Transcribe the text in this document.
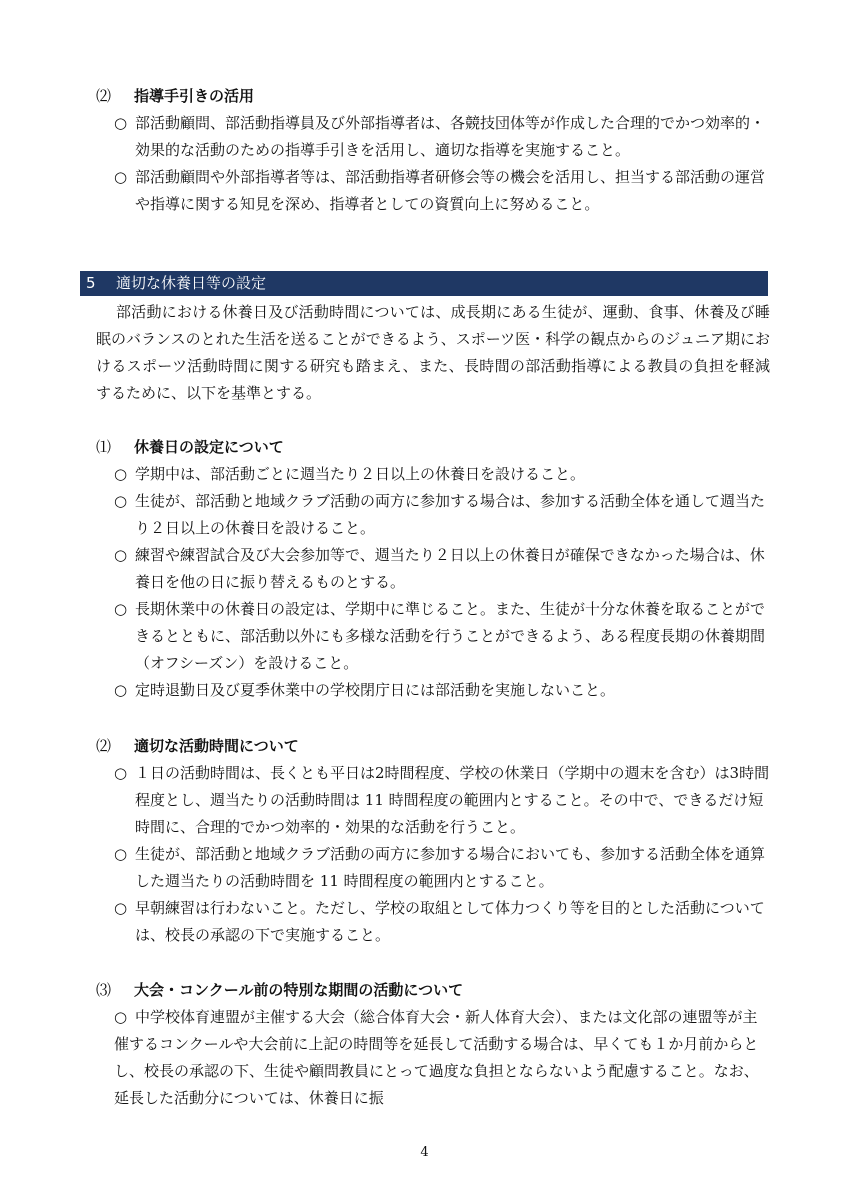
⑵ 指導手引きの活用
○ 部活動顧問、部活動指導員及び外部指導者は、各競技団体等が作成した合理的でかつ効率的・効果的な活動のための指導手引きを活用し、適切な指導を実施すること。
○ 部活動顧問や外部指導者等は、部活動指導者研修会等の機会を活用し、担当する部活動の運営や指導に関する知見を深め、指導者としての資質向上に努めること。
5 適切な休養日等の設定

部活動における休養日及び活動時間については、成長期にある生徒が、運動、食事、休養及び睡眠のバランスのとれた生活を送ることができるよう、スポーツ医・科学の観点からのジュニア期におけるスポーツ活動時間に関する研究も踏まえ、また、長時間の部活動指導による教員の負担を軽減するために、以下を基準とする。

⑴ 休養日の設定について
○ 学期中は、部活動ごとに週当たり２日以上の休養日を設けること。
○ 生徒が、部活動と地域クラブ活動の両方に参加する場合は、参加する活動全体を通して週当たり２日以上の休養日を設けること。
○ 練習や練習試合及び大会参加等で、週当たり２日以上の休養日が確保できなかった場合は、休養日を他の日に振り替えるものとする。
○ 長期休業中の休養日の設定は、学期中に準じること。また、生徒が十分な休養を取ることができるとともに、部活動以外にも多様な活動を行うことができるよう、ある程度長期の休養期間（オフシーズン）を設けること。
○ 定時退勤日及び夏季休業中の学校閉庁日には部活動を実施しないこと。
⑵ 適切な活動時間について
○ １日の活動時間は、長くとも平日は2時間程度、学校の休業日（学期中の週末を含む）は3時間程度とし、週当たりの活動時間は 11 時間程度の範囲内とすること。その中で、できるだけ短時間に、合理的でかつ効率的・効果的な活動を行うこと。
○ 生徒が、部活動と地域クラブ活動の両方に参加する場合においても、参加する活動全体を通算した週当たりの活動時間を 11 時間程度の範囲内とすること。
○ 早朝練習は行わないこと。ただし、学校の取組として体力つくり等を目的とした活動については、校長の承認の下で実施すること。
⑶ 大会・コンクール前の特別な期間の活動について
○ 中学校体育連盟が主催する大会（総合体育大会・新人体育大会）、または文化部の連盟等が主催するコンクールや大会前に上記の時間等を延長して活動する場合は、早くても１か月前からとし、校長の承認の下、生徒や顧問教員にとって過度な負担とならないよう配慮すること。なお、延長した活動分については、休養日に振
4
